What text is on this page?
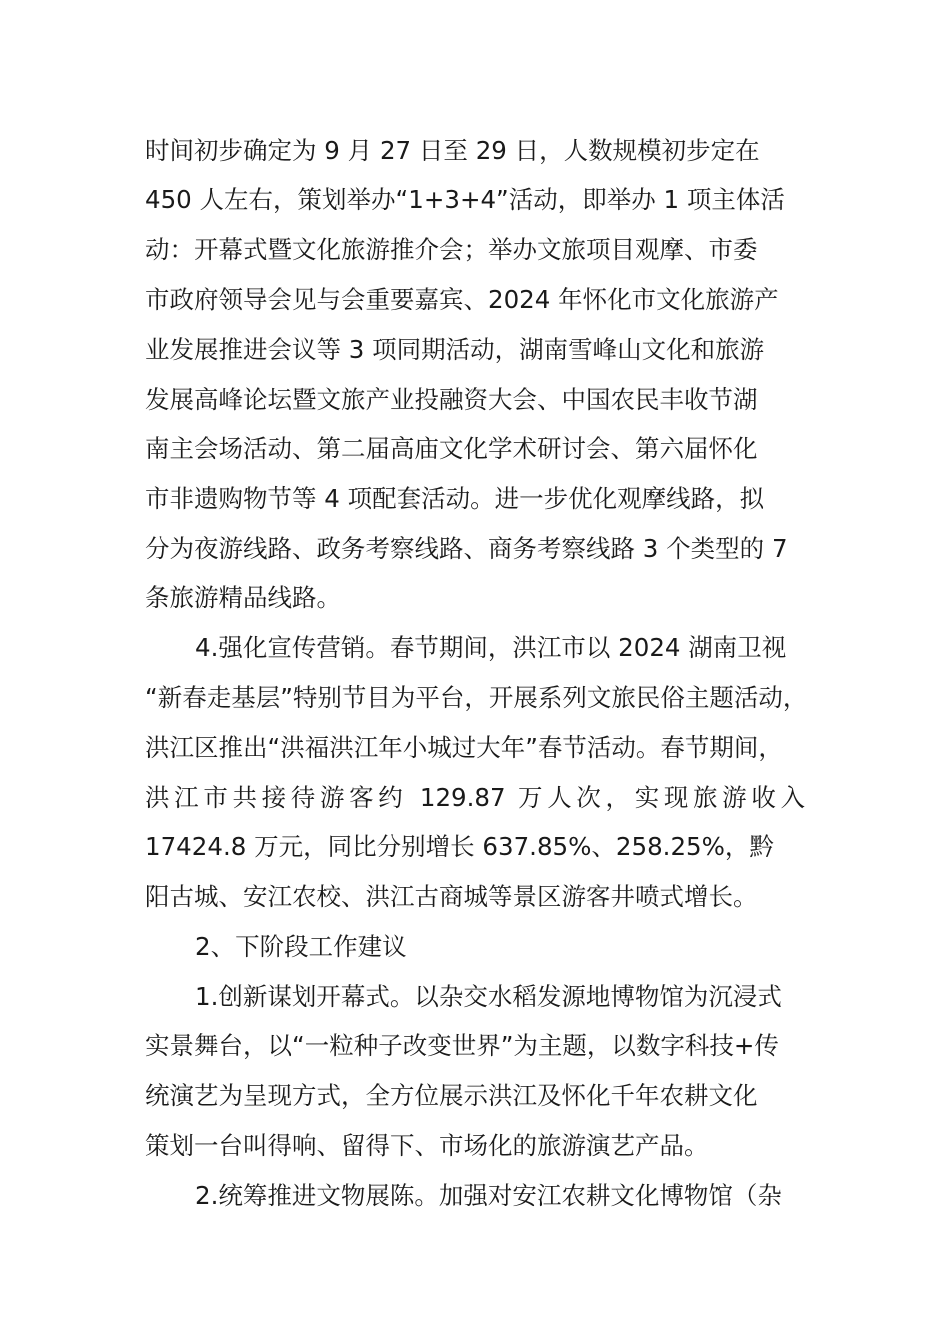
时间初步确定为 9 月 27 日至 29 日，人数规模初步定在
450 人左右，策划举办“1+3+4”活动，即举办 1 项主体活
动：开幕式暨文化旅游推介会；举办文旅项目观摩、市委
市政府领导会见与会重要嘉宾、2024 年怀化市文化旅游产
业发展推进会议等 3 项同期活动，湖南雪峰山文化和旅游
发展高峰论坛暨文旅产业投融资大会、中国农民丰收节湖
南主会场活动、第二届高庙文化学术研讨会、第六届怀化
市非遗购物节等 4 项配套活动。进一步优化观摩线路，拟
分为夜游线路、政务考察线路、商务考察线路 3 个类型的 7
条旅游精品线路。
4.强化宣传营销。春节期间，洪江市以 2024 湖南卫视
“新春走基层”特别节目为平台，开展系列文旅民俗主题活动，
洪江区推出“洪福洪江年小城过大年”春节活动。春节期间，
洪江市共接待游客约 129.87 万人次，实现旅游收入
17424.8 万元，同比分别增长 637.85%、258.25%，黔
阳古城、安江农校、洪江古商城等景区游客井喷式增长。
2、下阶段工作建议
1.创新谋划开幕式。以杂交水稻发源地博物馆为沉浸式
实景舞台，以“一粒种子改变世界”为主题，以数字科技+传
统演艺为呈现方式，全方位展示洪江及怀化千年农耕文化
策划一台叫得响、留得下、市场化的旅游演艺产品。
2.统筹推进文物展陈。加强对安江农耕文化博物馆（杂
